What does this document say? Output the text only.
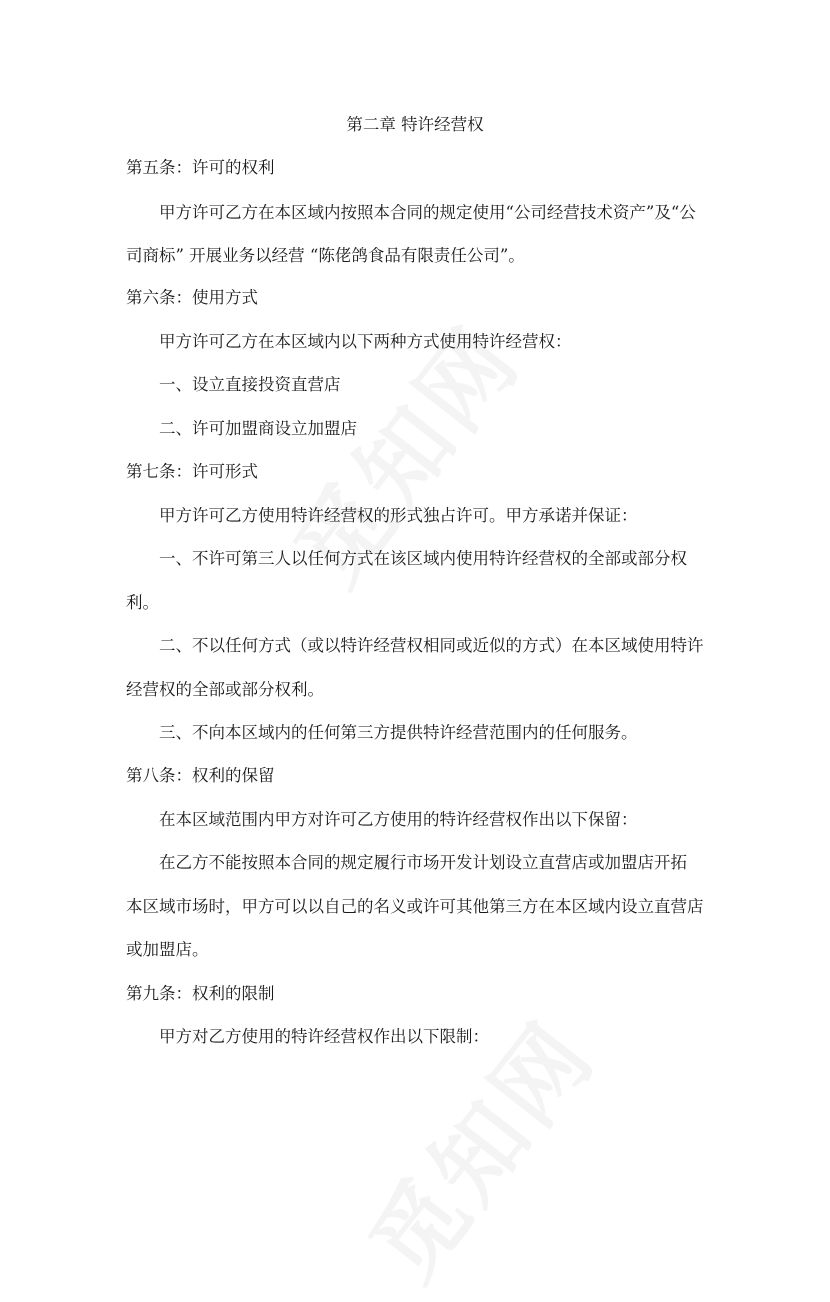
第二章 特许经营权
第五条：许可的权利
甲方许可乙方在本区域内按照本合同的规定使用“公司经营技术资产”及“公
司商标” 开展业务以经营 “陈佬鸽食品有限责任公司”。
第六条：使用方式
甲方许可乙方在本区域内以下两种方式使用特许经营权：
一、设立直接投资直营店
二、许可加盟商设立加盟店
第七条：许可形式
甲方许可乙方使用特许经营权的形式独占许可。甲方承诺并保证：
一、不许可第三人以任何方式在该区域内使用特许经营权的全部或部分权
利。
二、不以任何方式（或以特许经营权相同或近似的方式）在本区域使用特许
经营权的全部或部分权利。
三、不向本区域内的任何第三方提供特许经营范围内的任何服务。
第八条：权利的保留
在本区域范围内甲方对许可乙方使用的特许经营权作出以下保留：
在乙方不能按照本合同的规定履行市场开发计划设立直营店或加盟店开拓
本区域市场时，甲方可以以自己的名义或许可其他第三方在本区域内设立直营店
或加盟店。
第九条：权利的限制
甲方对乙方使用的特许经营权作出以下限制：
